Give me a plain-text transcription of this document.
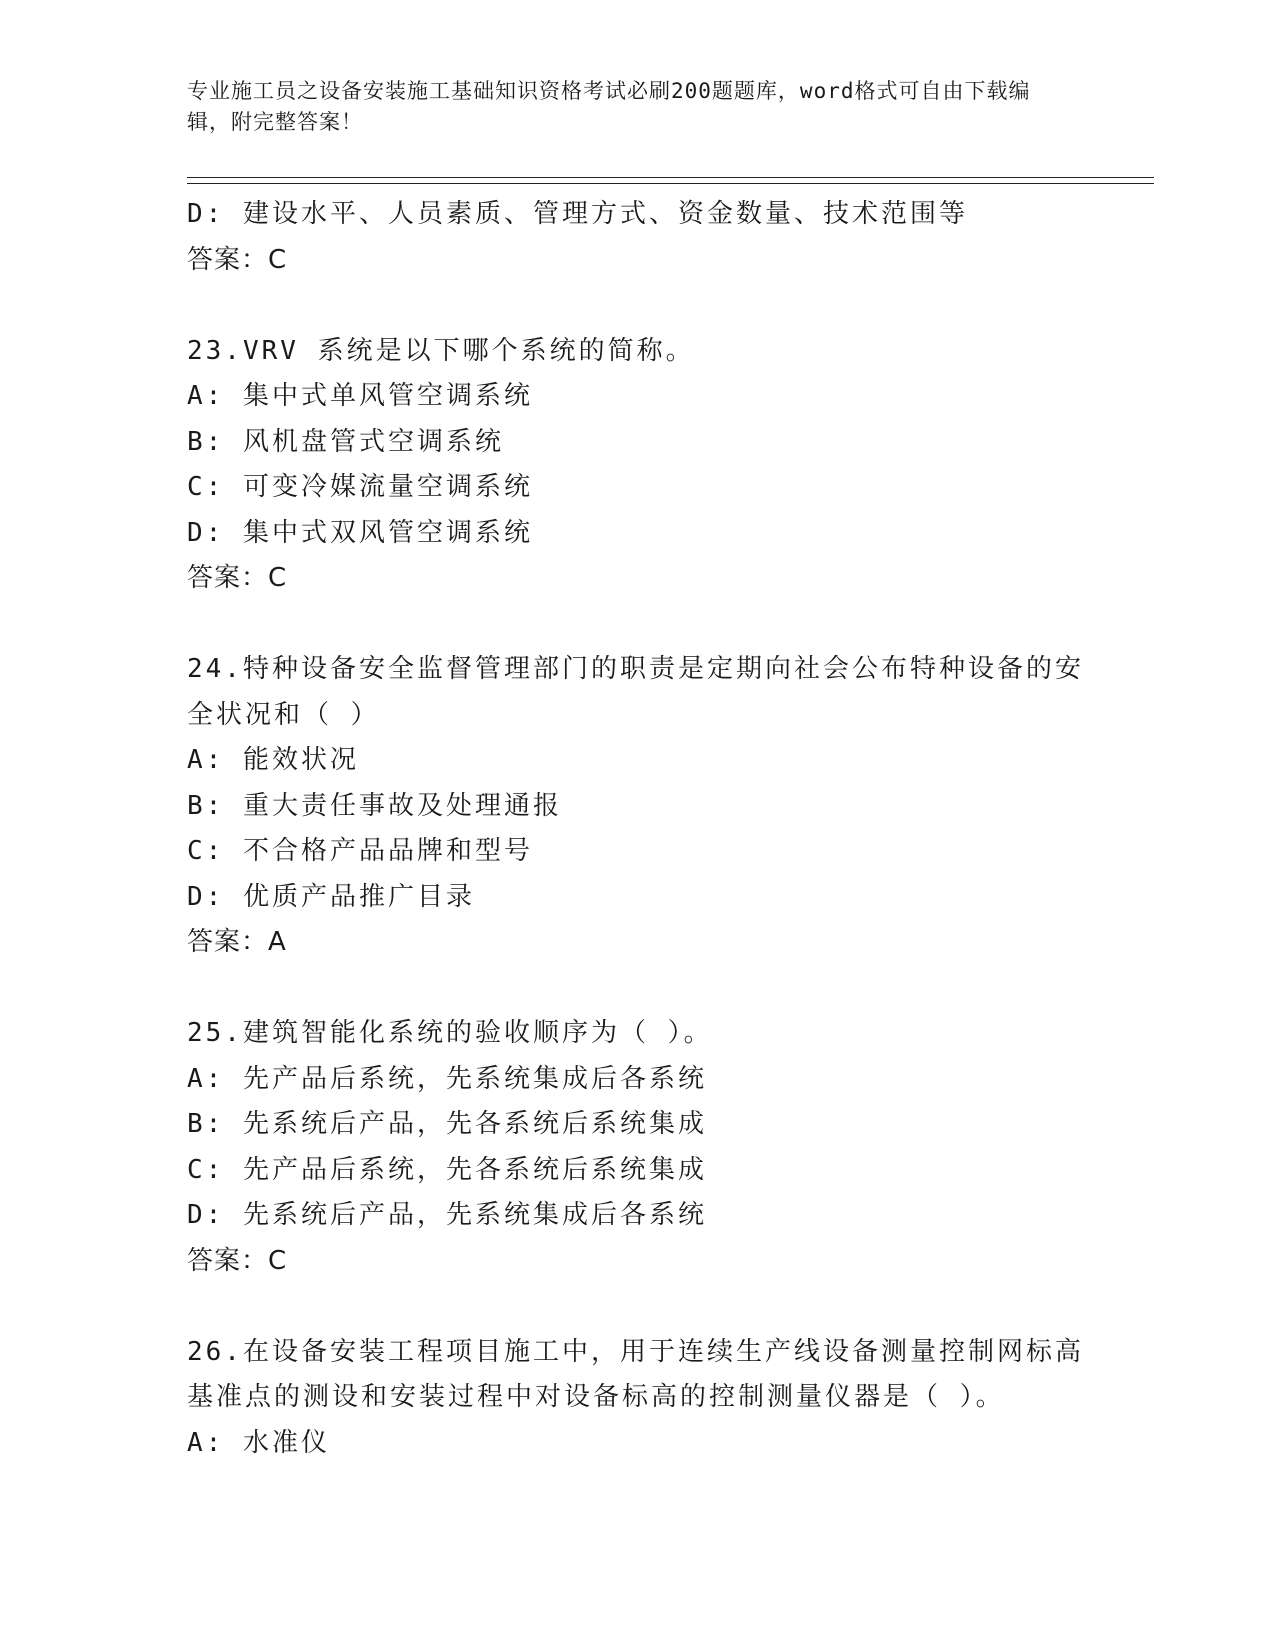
专业施工员之设备安装施工基础知识资格考试必刷200题题库，word格式可自由下载编辑，附完整答案！
D: 建设水平、人员素质、管理方式、资金数量、技术范围等
答案：C
23.VRV 系统是以下哪个系统的简称。
A: 集中式单风管空调系统
B: 风机盘管式空调系统
C: 可变冷媒流量空调系统
D: 集中式双风管空调系统
答案：C
24.特种设备安全监督管理部门的职责是定期向社会公布特种设备的安
全状况和（ ）
A: 能效状况
B: 重大责任事故及处理通报
C: 不合格产品品牌和型号
D: 优质产品推广目录
答案：A
25.建筑智能化系统的验收顺序为（ ）。
A: 先产品后系统，先系统集成后各系统
B: 先系统后产品，先各系统后系统集成
C: 先产品后系统，先各系统后系统集成
D: 先系统后产品，先系统集成后各系统
答案：C
26.在设备安装工程项目施工中，用于连续生产线设备测量控制网标高
基准点的测设和安装过程中对设备标高的控制测量仪器是（ ）。
A: 水准仪
